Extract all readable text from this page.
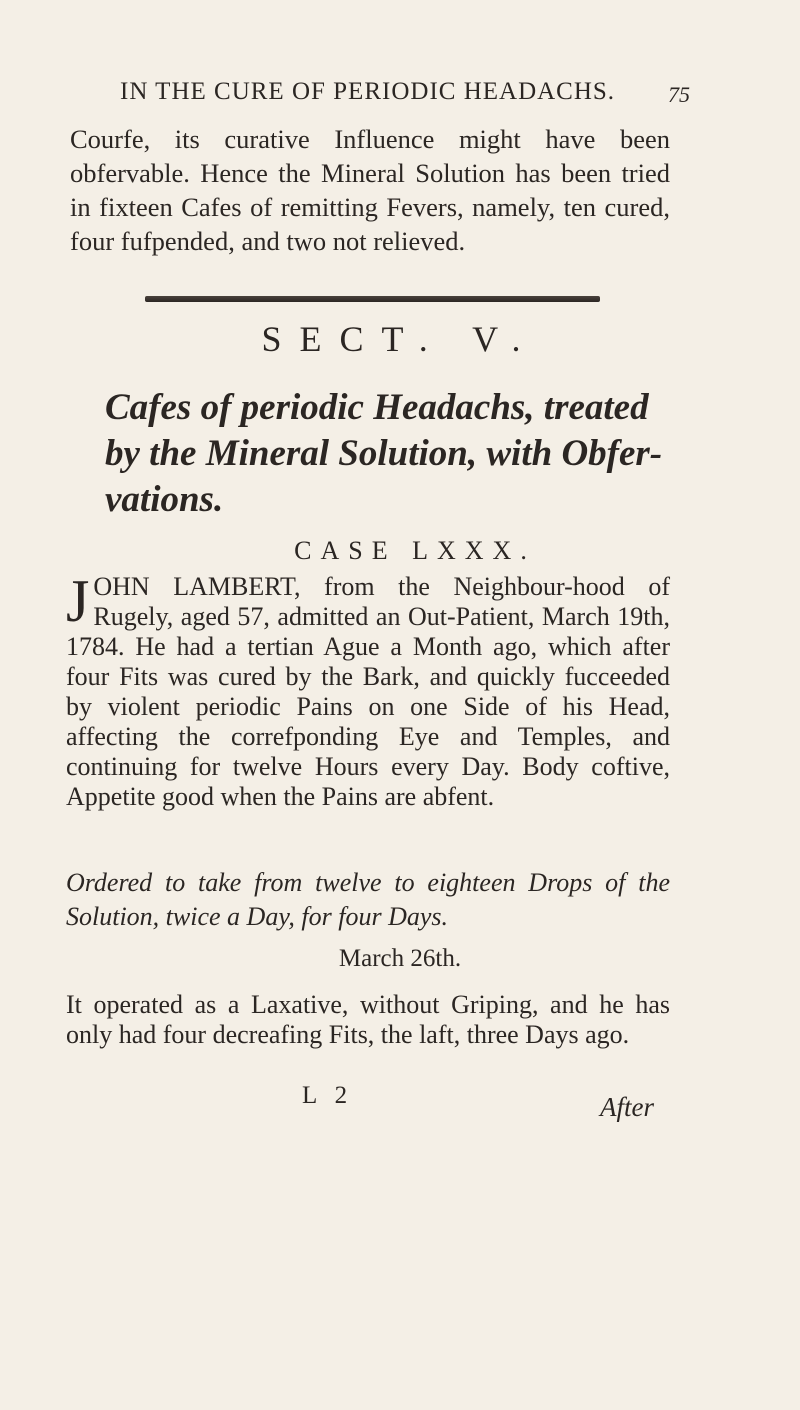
IN THE CURE OF PERIODIC HEADACHS. 75
Courfe, its curative Influence might have been obfervable. Hence the Mineral Solution has been tried in fixteen Cafes of remitting Fevers, namely, ten cured, four fufpended, and two not relieved.
SECT. V.
Cafes of periodic Headachs, treated by the Mineral Solution, with Obfer-vations.
CASE LXXX.
JOHN LAMBERT, from the Neighbour-hood of Rugely, aged 57, admitted an Out-Patient, March 19th, 1784. He had a tertian Ague a Month ago, which after four Fits was cured by the Bark, and quickly fucceeded by violent periodic Pains on one Side of his Head, affecting the correfponding Eye and Temples, and continuing for twelve Hours every Day. Body coftive, Appetite good when the Pains are abfent.
Ordered to take from twelve to eighteen Drops of the Solution, twice a Day, for four Days.
March 26th.
It operated as a Laxative, without Griping, and he has only had four decreafing Fits, the laft, three Days ago.
L 2	After
